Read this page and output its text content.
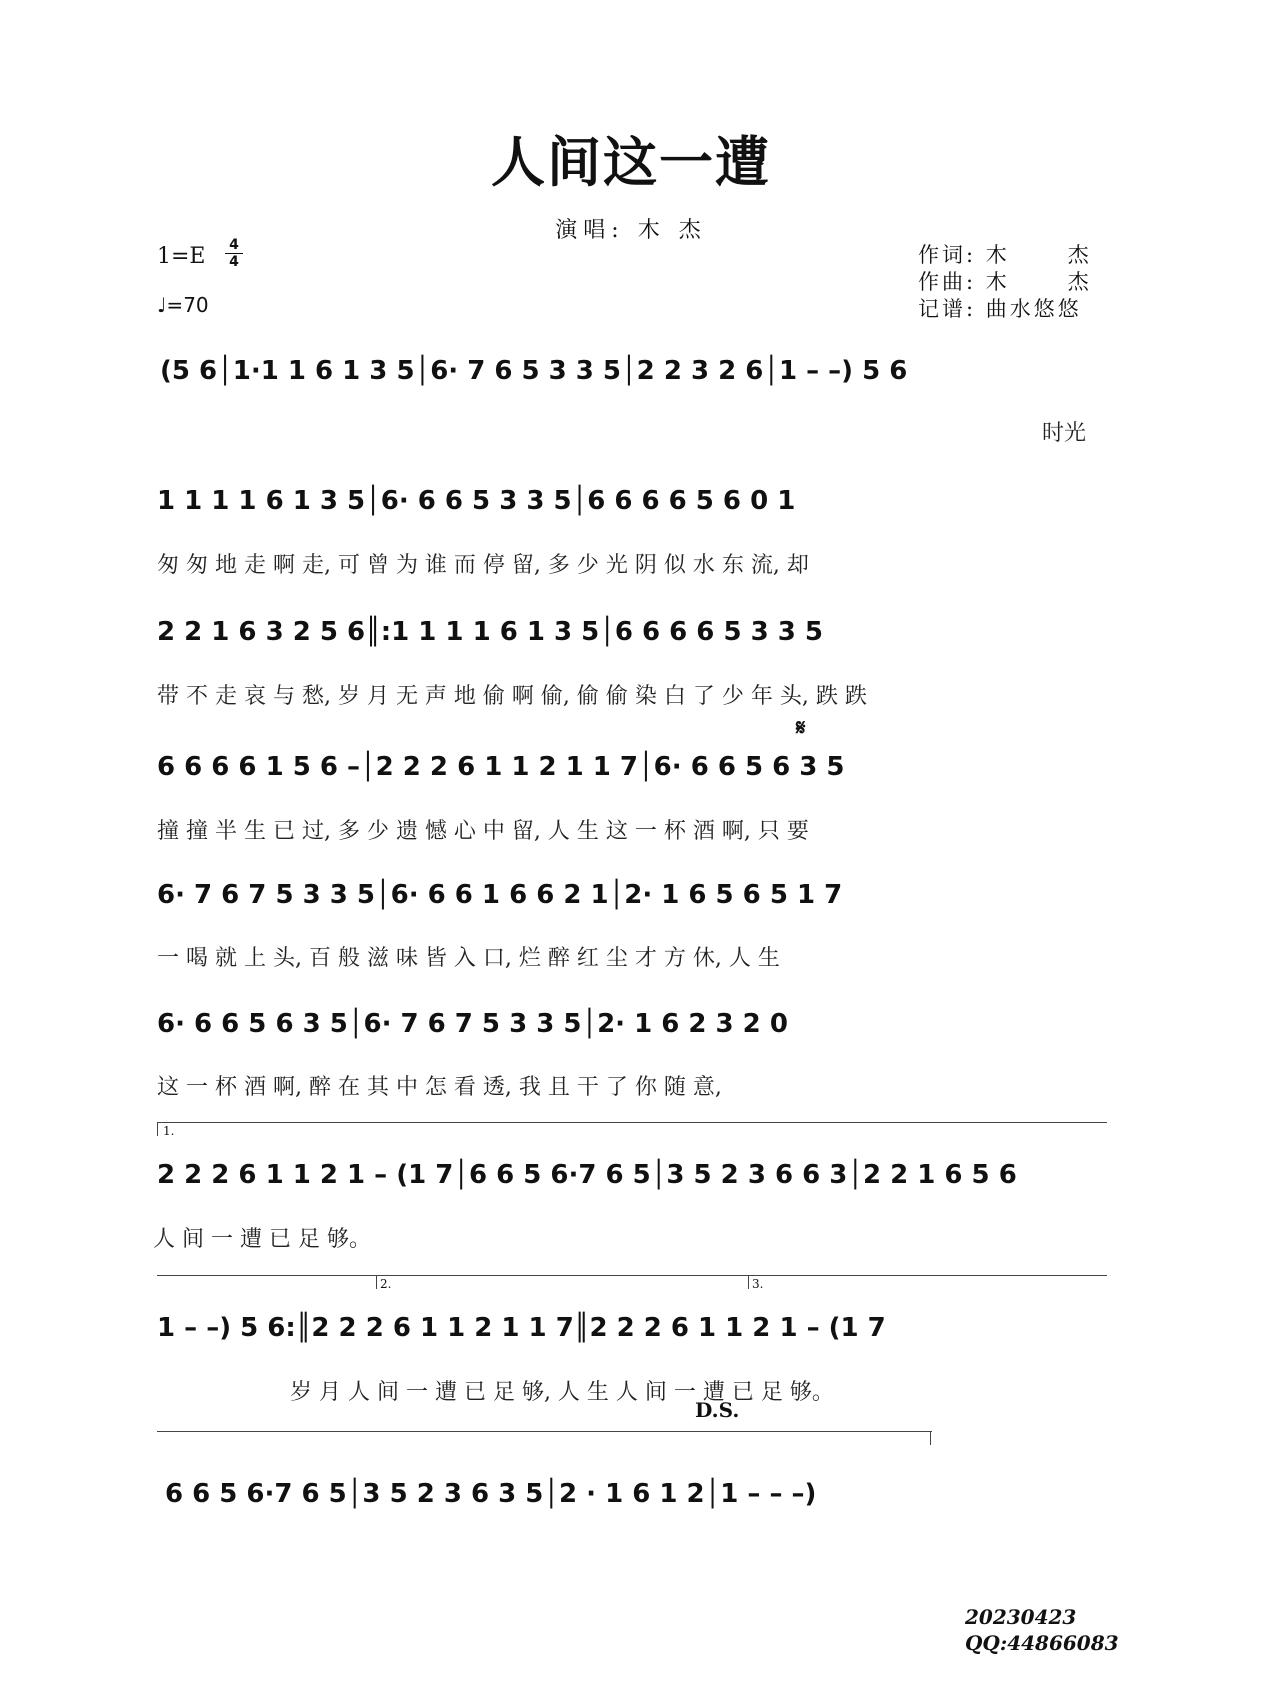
人间这一遭
演唱: 木 杰
1=E 4
4
♩=70
作词: 木      杰
作曲: 木      杰
记谱: 曲水悠悠
(5 6│1·1 1 6 1 3 5│6· 7 6 5 3 3 5│2 2 3 2 6│1 – –) 5 6
时光
1 1 1 1 6 1 3 5│6· 6 6 5 3 3 5│6 6 6 6 5 6 0 1
匆 匆 地 走 啊 走, 可 曾 为 谁 而 停 留, 多 少 光 阴 似 水 东 流, 却
2 2 1 6 3 2 5 6║:1 1 1 1 6 1 3 5│6 6 6 6 5 3 3 5
带 不 走 哀 与 愁, 岁 月 无 声 地 偷 啊 偷, 偷 偷 染 白 了 少 年 头, 跌 跌
𝄋
6 6 6 6 1 5 6 –│2 2 2 6 1 1 2 1 1 7│6· 6 6 5 6 3 5
撞 撞 半 生 已 过, 多 少 遗 憾 心 中 留, 人 生 这 一 杯 酒 啊, 只 要
6· 7 6 7 5 3 3 5│6· 6 6 1 6 6 2 1│2· 1 6 5 6 5 1 7
一 喝 就 上 头, 百 般 滋 味 皆 入 口, 烂 醉 红 尘 才 方 休, 人 生
6· 6 6 5 6 3 5│6· 7 6 7 5 3 3 5│2· 1 6 2 3 2 0
这 一 杯 酒 啊, 醉 在 其 中 怎 看 透, 我 且 干 了 你 随 意,
1.
2 2 2 6 1 1 2 1 – (1 7│6 6 5 6·7 6 5│3 5 2 3 6 6 3│2 2 1 6 5 6
人 间 一 遭 已 足 够。
2.	3.
1 – –) 5 6:║2 2 2 6 1 1 2 1 1 7║2 2 2 6 1 1 2 1 – (1 7
岁 月 人 间 一 遭 已 足 够, 人 生 人 间 一 遭 已 足 够。
D.S.
6 6 5 6·7 6 5│3 5 2 3 6 3 5│2 · 1 6 1 2│1 – – –)
20230423
QQ:44866083
